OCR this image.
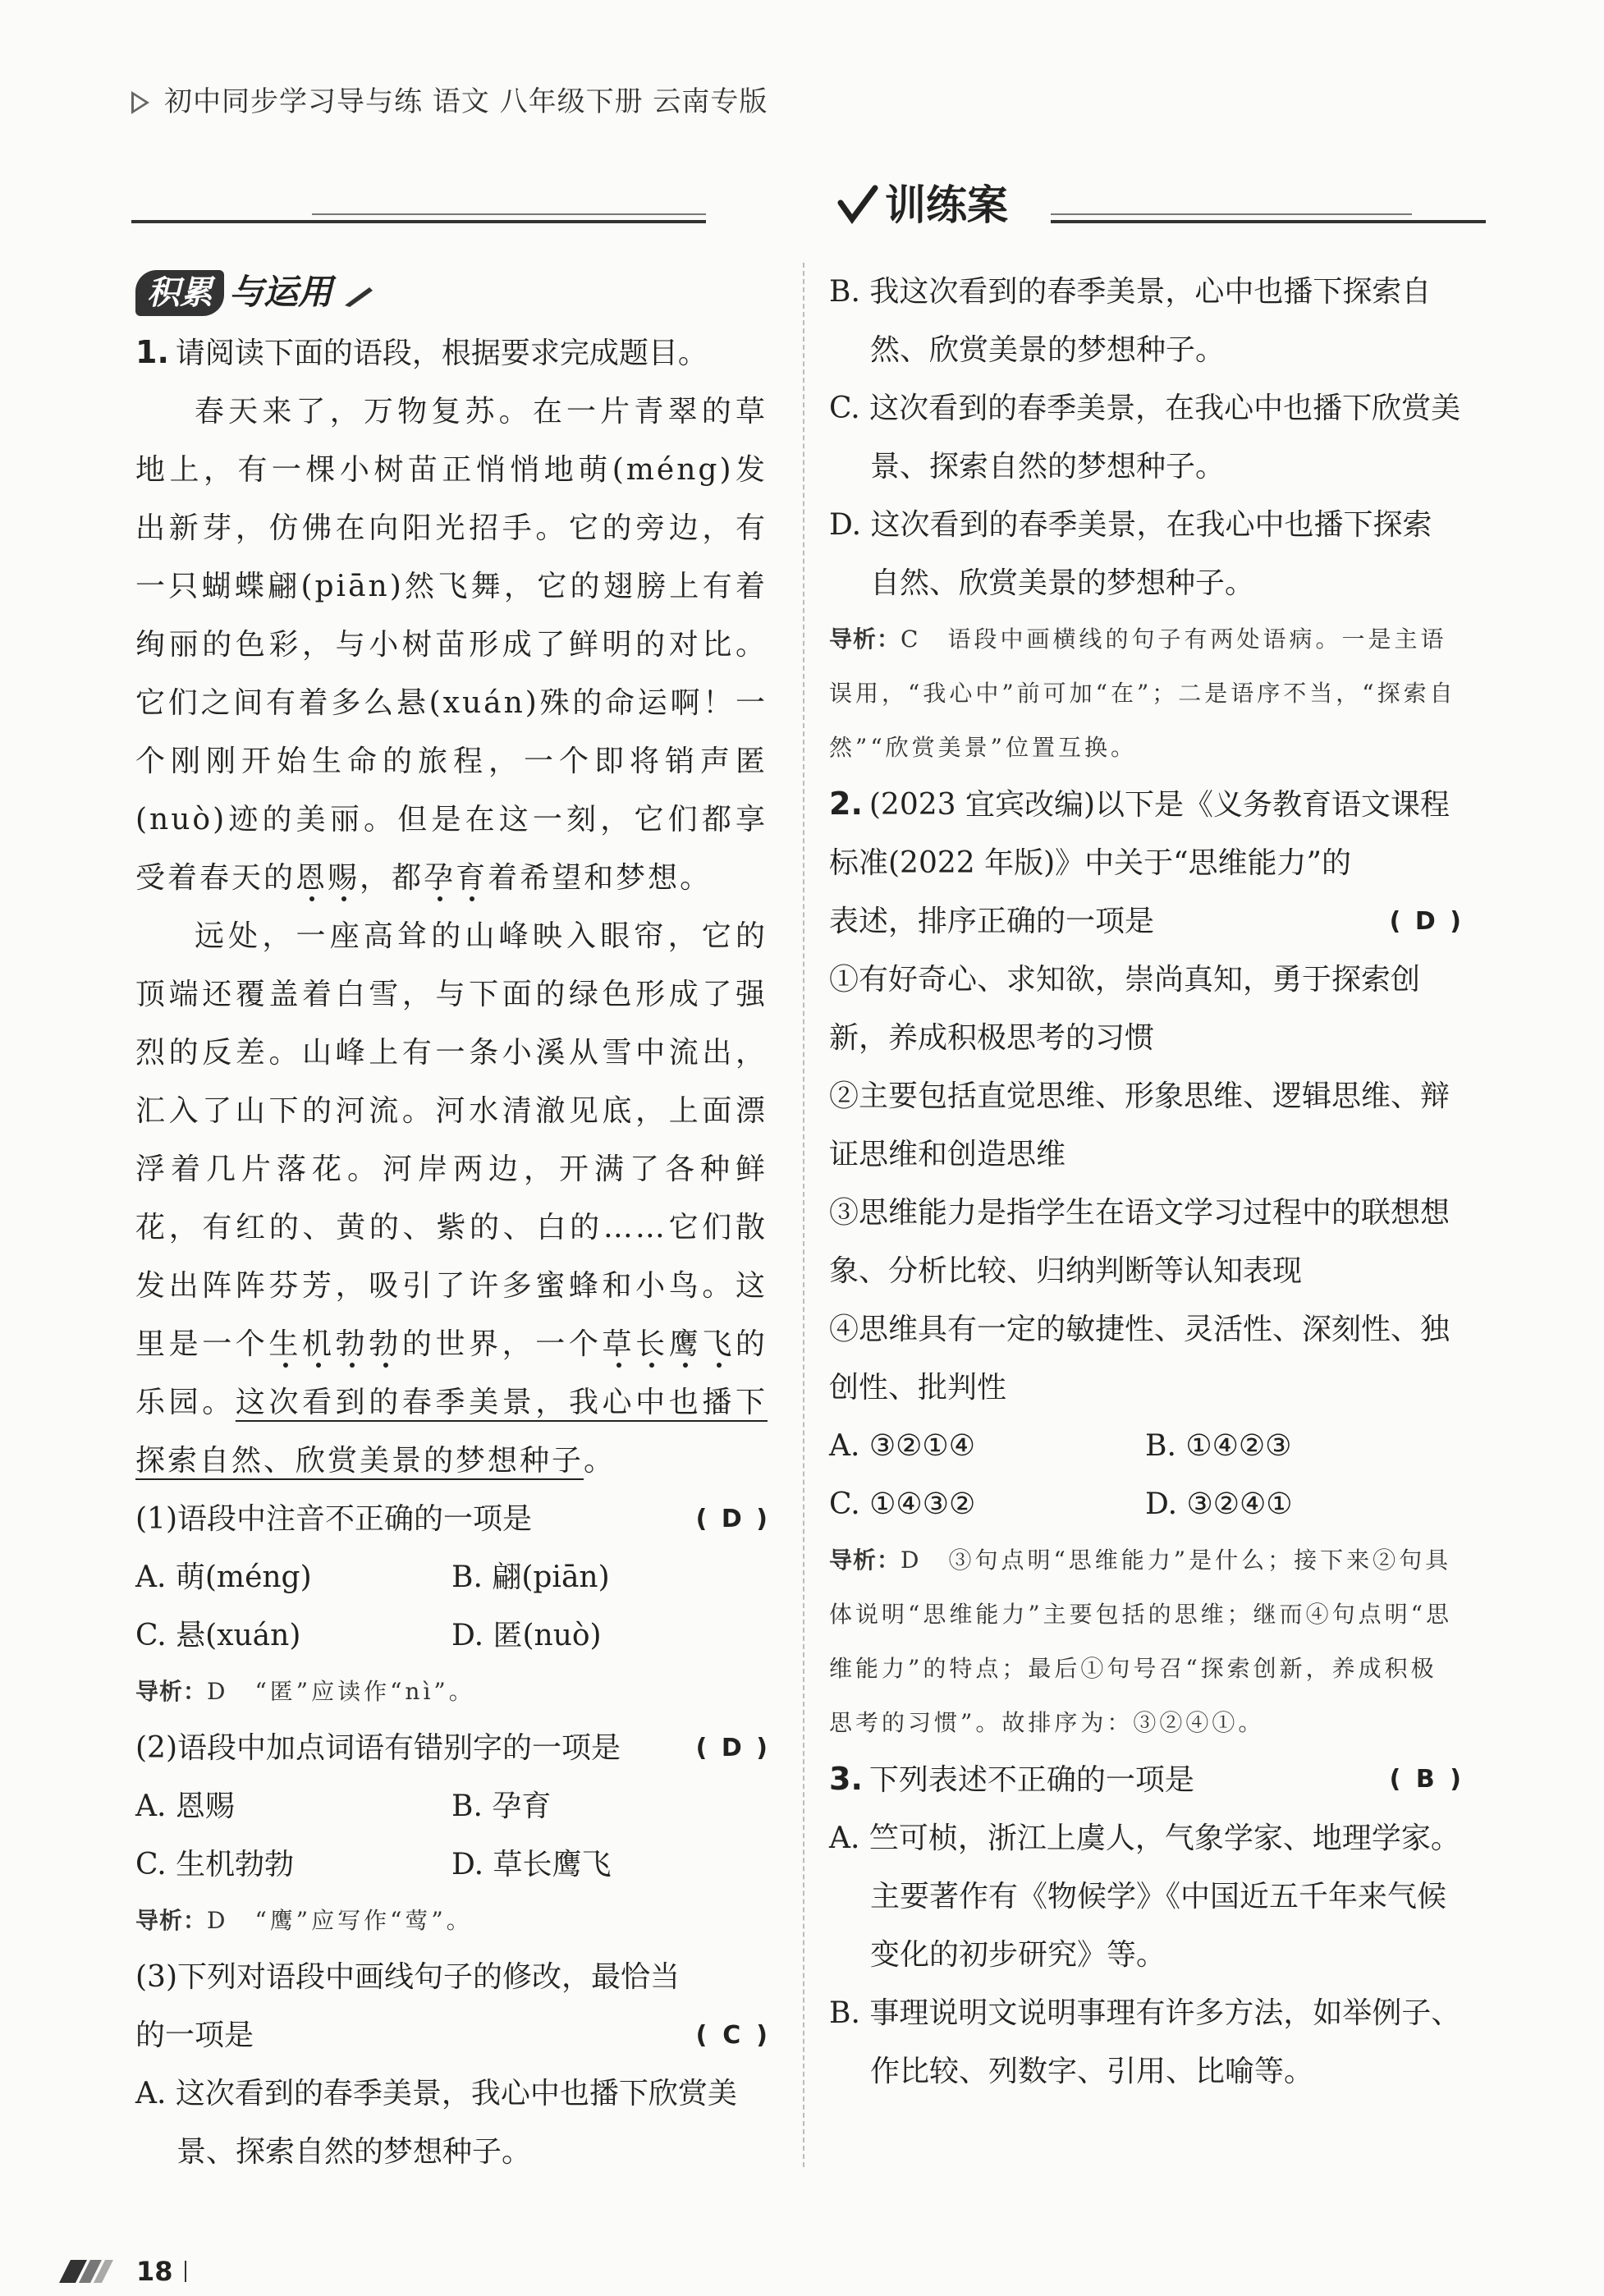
初中同步学习导与练 语文 八年级下册 云南专版
训练案
积累 与运用

1. 请阅读下面的语段，根据要求完成题目。

春天来了，万物复苏。在一片青翠的草地上，有一棵小树苗正悄悄地萌(méng)发出新芽，仿佛在向阳光招手。它的旁边，有一只蝴蝶翩(piān)然飞舞，它的翅膀上有着绚丽的色彩，与小树苗形成了鲜明的对比。它们之间有着多么悬(xuán)殊的命运啊！一个刚刚开始生命的旅程，一个即将销声匿(nuò)迹的美丽。但是在这一刻，它们都享受着春天的恩赐，都孕育着希望和梦想。

远处，一座高耸的山峰映入眼帘，它的顶端还覆盖着白雪，与下面的绿色形成了强烈的反差。山峰上有一条小溪从雪中流出，汇入了山下的河流。河水清澈见底，上面漂浮着几片落花。河岸两边，开满了各种鲜花，有红的、黄的、紫的、白的……它们散发出阵阵芬芳，吸引了许多蜜蜂和小鸟。这里是一个生机勃勃的世界，一个草长鹰飞的乐园。这次看到的春季美景，我心中也播下探索自然、欣赏美景的梦想种子。

(1)语段中注音不正确的一项是	( D )
A. 萌(méng)	B. 翩(piān)
C. 悬(xuán)	D. 匿(nuò)
导析：D　“匿”应读作“nì”。
(2)语段中加点词语有错别字的一项是	( D )
A. 恩赐	B. 孕育
C. 生机勃勃	D. 草长鹰飞
导析：D　“鹰”应写作“莺”。
(3)下列对语段中画线句子的修改，最恰当
的一项是	( C )
A. 这次看到的春季美景，我心中也播下欣赏美景、探索自然的梦想种子。
B. 我这次看到的春季美景，心中也播下探索自然、欣赏美景的梦想种子。
C. 这次看到的春季美景，在我心中也播下欣赏美景、探索自然的梦想种子。
D. 这次看到的春季美景，在我心中也播下探索自然、欣赏美景的梦想种子。
导析：C　语段中画横线的句子有两处语病。一是主语误用，“我心中”前可加“在”；二是语序不当，“探索自然”“欣赏美景”位置互换。
2. (2023 宜宾改编)以下是《义务教育语文课程标准(2022 年版)》中关于“思维能力”的
表述，排序正确的一项是	( D )
①有好奇心、求知欲，崇尚真知，勇于探索创新，养成积极思考的习惯
②主要包括直觉思维、形象思维、逻辑思维、辩证思维和创造思维
③思维能力是指学生在语文学习过程中的联想想象、分析比较、归纳判断等认知表现
④思维具有一定的敏捷性、灵活性、深刻性、独创性、批判性
A. ③②①④	B. ①④②③
C. ①④③②	D. ③②④①
导析：D　③句点明“思维能力”是什么；接下来②句具体说明“思维能力”主要包括的思维；继而④句点明“思维能力”的特点；最后①句号召“探索创新，养成积极思考的习惯”。故排序为：③②④①。
3. 下列表述不正确的一项是	( B )
A. 竺可桢，浙江上虞人，气象学家、地理学家。主要著作有《物候学》《中国近五千年来气候变化的初步研究》等。
B. 事理说明文说明事理有许多方法，如举例子、作比较、列数字、引用、比喻等。
18
